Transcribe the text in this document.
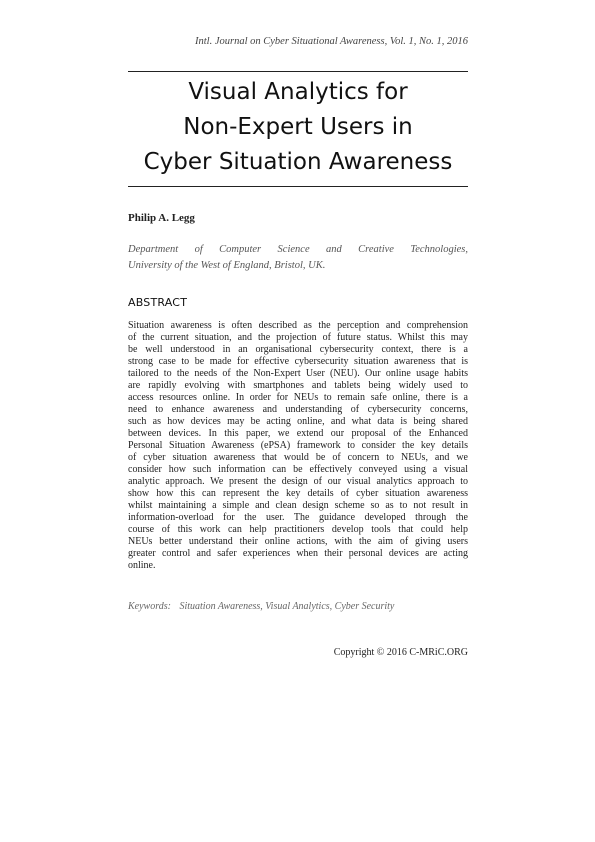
Intl. Journal on Cyber Situational Awareness, Vol. 1, No. 1, 2016
Visual Analytics for
Non-Expert Users in
Cyber Situation Awareness
Philip A. Legg
Department of Computer Science and Creative Technologies,
University of the West of England, Bristol, UK.
ABSTRACT
Situation awareness is often described as the perception and comprehension
of the current situation, and the projection of future status. Whilst this may
be well understood in an organisational cybersecurity context, there is a
strong case to be made for effective cybersecurity situation awareness that is
tailored to the needs of the Non-Expert User (NEU). Our online usage habits
are rapidly evolving with smartphones and tablets being widely used to
access resources online. In order for NEUs to remain safe online, there is a
need to enhance awareness and understanding of cybersecurity concerns,
such as how devices may be acting online, and what data is being shared
between devices. In this paper, we extend our proposal of the Enhanced
Personal Situation Awareness (ePSA) framework to consider the key details
of cyber situation awareness that would be of concern to NEUs, and we
consider how such information can be effectively conveyed using a visual
analytic approach. We present the design of our visual analytics approach to
show how this can represent the key details of cyber situation awareness
whilst maintaining a simple and clean design scheme so as to not result in
information-overload for the user. The guidance developed through the
course of this work can help practitioners develop tools that could help
NEUs better understand their online actions, with the aim of giving users
greater control and safer experiences when their personal devices are acting
online.
Keywords: Situation Awareness, Visual Analytics, Cyber Security
Copyright © 2016 C-MRiC.ORG
